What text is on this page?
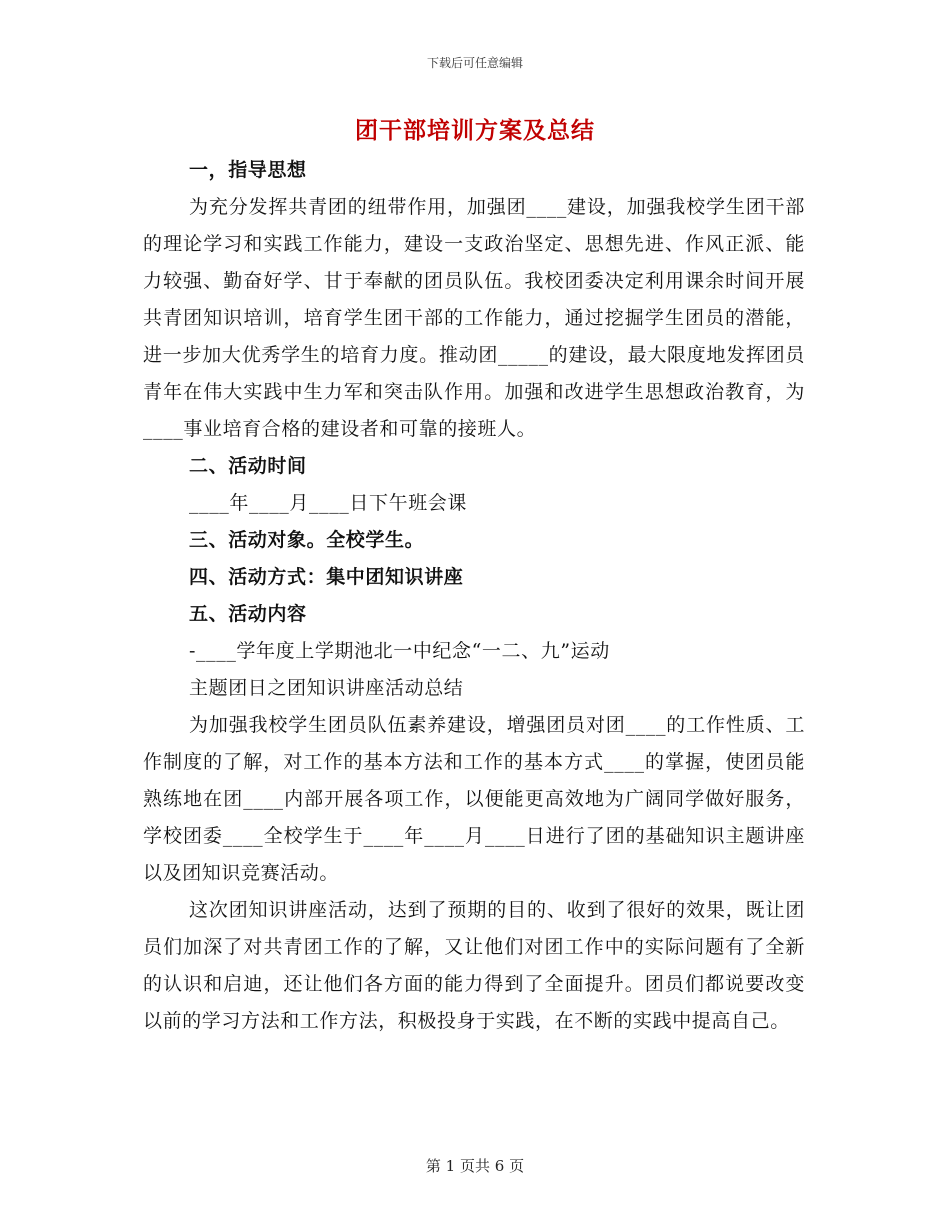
下载后可任意编辑
团干部培训方案及总结

一，指导思想

为充分发挥共青团的纽带作用，加强团____建设，加强我校学生团干部的理论学习和实践工作能力，建设一支政治坚定、思想先进、作风正派、能力较强、勤奋好学、甘于奉献的团员队伍。我校团委决定利用课余时间开展共青团知识培训，培育学生团干部的工作能力，通过挖掘学生团员的潜能，进一步加大优秀学生的培育力度。推动团_____的建设，最大限度地发挥团员青年在伟大实践中生力军和突击队作用。加强和改进学生思想政治教育，为____事业培育合格的建设者和可靠的接班人。

二、活动时间

____年____月____日下午班会课

三、活动对象。全校学生。

四、活动方式：集中团知识讲座

五、活动内容

-____学年度上学期池北一中纪念“一二、九”运动

主题团日之团知识讲座活动总结

为加强我校学生团员队伍素养建设，增强团员对团____的工作性质、工作制度的了解，对工作的基本方法和工作的基本方式____的掌握，使团员能熟练地在团____内部开展各项工作，以便能更高效地为广阔同学做好服务，学校团委____全校学生于____年____月____日进行了团的基础知识主题讲座以及团知识竞赛活动。

这次团知识讲座活动，达到了预期的目的、收到了很好的效果，既让团员们加深了对共青团工作的了解，又让他们对团工作中的实际问题有了全新的认识和启迪，还让他们各方面的能力得到了全面提升。团员们都说要改变以前的学习方法和工作方法，积极投身于实践，在不断的实践中提高自己。

第 1 页共 6 页
